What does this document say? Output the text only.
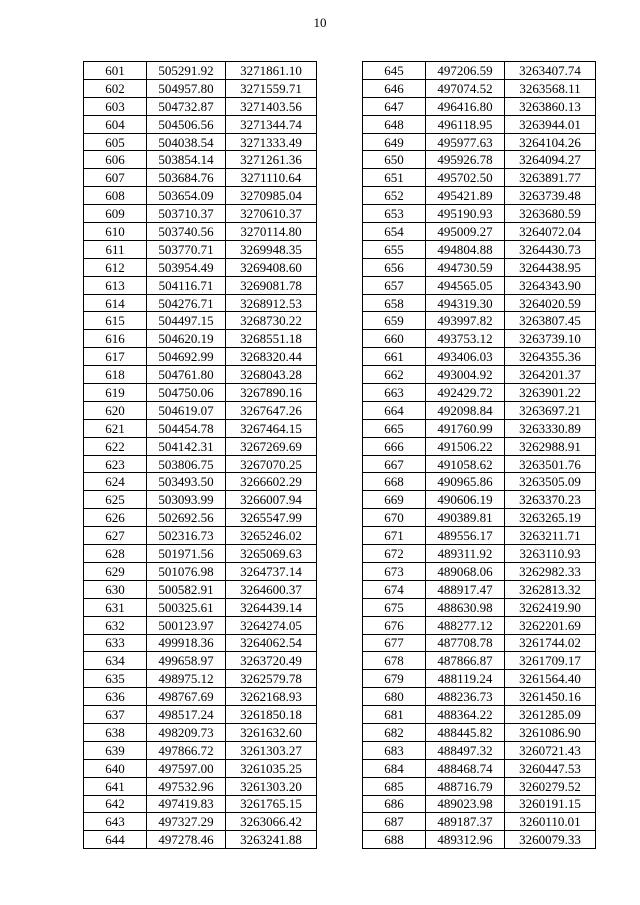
10
601	505291.92	3271861.10
602	504957.80	3271559.71
603	504732.87	3271403.56
604	504506.56	3271344.74
605	504038.54	3271333.49
606	503854.14	3271261.36
607	503684.76	3271110.64
608	503654.09	3270985.04
609	503710.37	3270610.37
610	503740.56	3270114.80
611	503770.71	3269948.35
612	503954.49	3269408.60
613	504116.71	3269081.78
614	504276.71	3268912.53
615	504497.15	3268730.22
616	504620.19	3268551.18
617	504692.99	3268320.44
618	504761.80	3268043.28
619	504750.06	3267890.16
620	504619.07	3267647.26
621	504454.78	3267464.15
622	504142.31	3267269.69
623	503806.75	3267070.25
624	503493.50	3266602.29
625	503093.99	3266007.94
626	502692.56	3265547.99
627	502316.73	3265246.02
628	501971.56	3265069.63
629	501076.98	3264737.14
630	500582.91	3264600.37
631	500325.61	3264439.14
632	500123.97	3264274.05
633	499918.36	3264062.54
634	499658.97	3263720.49
635	498975.12	3262579.78
636	498767.69	3262168.93
637	498517.24	3261850.18
638	498209.73	3261632.60
639	497866.72	3261303.27
640	497597.00	3261035.25
641	497532.96	3261303.20
642	497419.83	3261765.15
643	497327.29	3263066.42
644	497278.46	3263241.88
645	497206.59	3263407.74
646	497074.52	3263568.11
647	496416.80	3263860.13
648	496118.95	3263944.01
649	495977.63	3264104.26
650	495926.78	3264094.27
651	495702.50	3263891.77
652	495421.89	3263739.48
653	495190.93	3263680.59
654	495009.27	3264072.04
655	494804.88	3264430.73
656	494730.59	3264438.95
657	494565.05	3264343.90
658	494319.30	3264020.59
659	493997.82	3263807.45
660	493753.12	3263739.10
661	493406.03	3264355.36
662	493004.92	3264201.37
663	492429.72	3263901.22
664	492098.84	3263697.21
665	491760.99	3263330.89
666	491506.22	3262988.91
667	491058.62	3263501.76
668	490965.86	3263505.09
669	490606.19	3263370.23
670	490389.81	3263265.19
671	489556.17	3263211.71
672	489311.92	3263110.93
673	489068.06	3262982.33
674	488917.47	3262813.32
675	488630.98	3262419.90
676	488277.12	3262201.69
677	487708.78	3261744.02
678	487866.87	3261709.17
679	488119.24	3261564.40
680	488236.73	3261450.16
681	488364.22	3261285.09
682	488445.82	3261086.90
683	488497.32	3260721.43
684	488468.74	3260447.53
685	488716.79	3260279.52
686	489023.98	3260191.15
687	489187.37	3260110.01
688	489312.96	3260079.33
